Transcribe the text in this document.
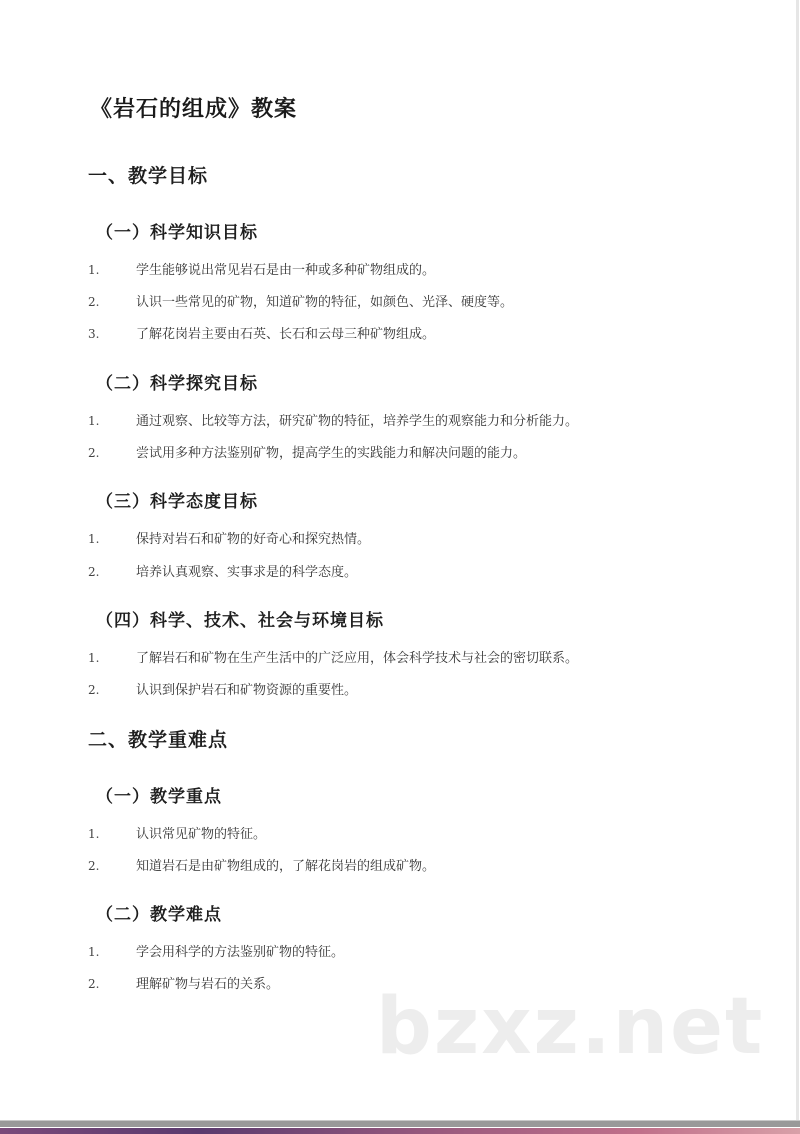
《岩石的组成》教案
一、教学目标
（一）科学知识目标
1.	学生能够说出常见岩石是由一种或多种矿物组成的。
2.	认识一些常见的矿物，知道矿物的特征，如颜色、光泽、硬度等。
3.	了解花岗岩主要由石英、长石和云母三种矿物组成。
（二）科学探究目标
1.	通过观察、比较等方法，研究矿物的特征，培养学生的观察能力和分析能力。
2.	尝试用多种方法鉴别矿物，提高学生的实践能力和解决问题的能力。
（三）科学态度目标
1.	保持对岩石和矿物的好奇心和探究热情。
2.	培养认真观察、实事求是的科学态度。
（四）科学、技术、社会与环境目标
1.	了解岩石和矿物在生产生活中的广泛应用，体会科学技术与社会的密切联系。
2.	认识到保护岩石和矿物资源的重要性。
二、教学重难点
（一）教学重点
1.	认识常见矿物的特征。
2.	知道岩石是由矿物组成的，了解花岗岩的组成矿物。
（二）教学难点
1.	学会用科学的方法鉴别矿物的特征。
2.	理解矿物与岩石的关系。 bzxz.net
